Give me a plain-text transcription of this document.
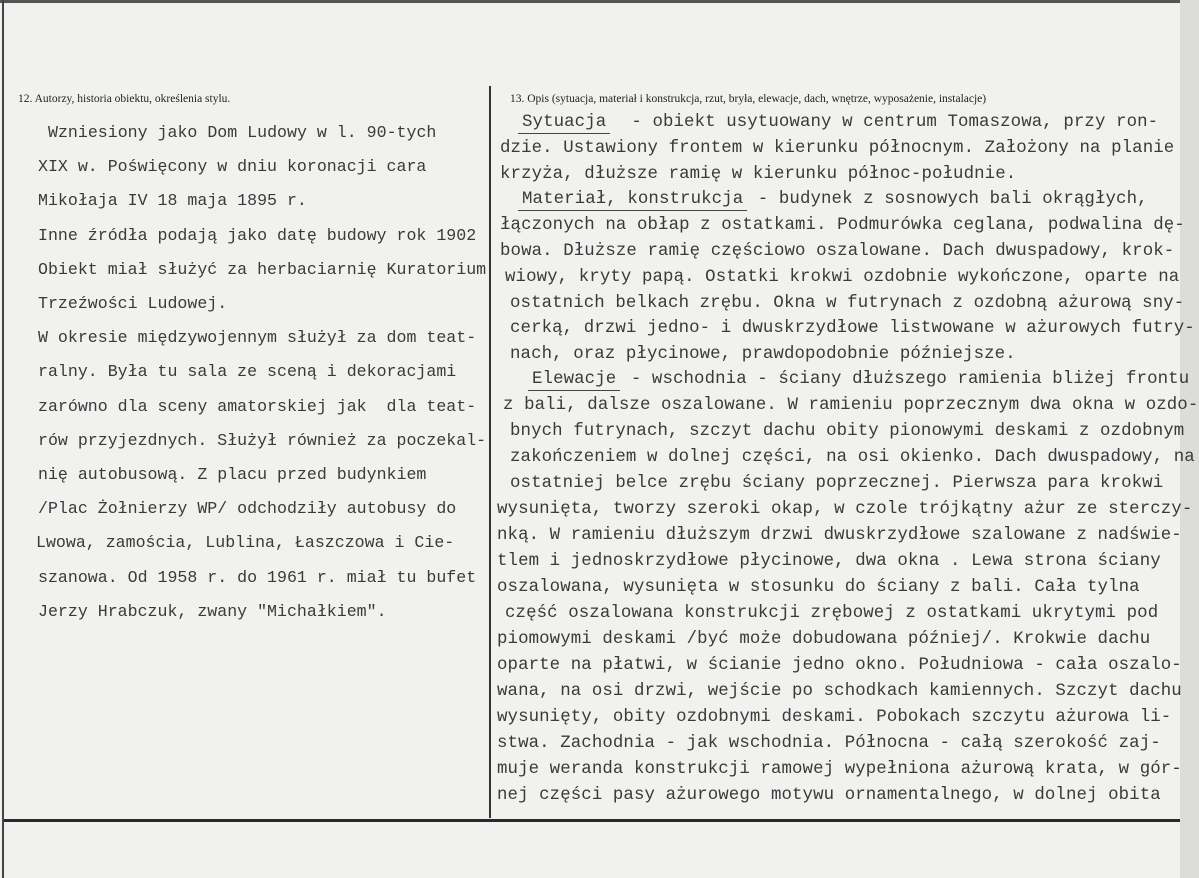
12. Autorzy, historia obiektu, określenia stylu.	13. Opis (sytuacja, materiał i konstrukcja, rzut, bryła, elewacje, dach, wnętrze, wyposażenie, instalacje)
Wzniesiony jako Dom Ludowy w l. 90-tych
XIX w. Poświęcony w dniu koronacji cara
Mikołaja IV 18 maja 1895 r.
Inne źródła podają jako datę budowy rok 1902
Obiekt miał służyć za herbaciarnię Kuratorium
Trzeźwości Ludowej.
W okresie międzywojennym służył za dom teat-
ralny. Była tu sala ze sceną i dekoracjami
zarówno dla sceny amatorskiej jak  dla teat-
rów przyjezdnych. Służył również za poczekal-
nię autobusową. Z placu przed budynkiem
/Plac Żołnierzy WP/ odchodziły autobusy do
Lwowa, zamościa, Lublina, Łaszczowa i Cie-
szanowa. Od 1958 r. do 1961 r. miał tu bufet
Jerzy Hrabczuk, zwany "Michałkiem".
Sytuacja  - obiekt usytuowany w centrum Tomaszowa, przy ron-
dzie. Ustawiony frontem w kierunku północnym. Założony na planie
krzyża, dłuższe ramię w kierunku północ-południe.
Materiał, konstrukcja - budynek z sosnowych bali okrągłych,
łączonych na obłap z ostatkami. Podmurówka ceglana, podwalina dę-
bowa. Dłuższe ramię częściowo oszalowane. Dach dwuspadowy, krok-
wiowy, kryty papą. Ostatki krokwi ozdobnie wykończone, oparte na
ostatnich belkach zrębu. Okna w futrynach z ozdobną ażurową sny-
cerką, drzwi jedno- i dwuskrzydłowe listwowane w ażurowych futry-
nach, oraz płycinowe, prawdopodobnie późniejsze.
Elewacje - wschodnia - ściany dłuższego ramienia bliżej frontu
z bali, dalsze oszalowane. W ramieniu poprzecznym dwa okna w ozdo-
bnych futrynach, szczyt dachu obity pionowymi deskami z ozdobnym
zakończeniem w dolnej części, na osi okienko. Dach dwuspadowy, na
ostatniej belce zrębu ściany poprzecznej. Pierwsza para krokwi
wysunięta, tworzy szeroki okap, w czole trójkątny ażur ze sterczy-
nką. W ramieniu dłuższym drzwi dwuskrzydłowe szalowane z nadświe-
tlem i jednoskrzydłowe płycinowe, dwa okna . Lewa strona ściany
oszalowana, wysunięta w stosunku do ściany z bali. Cała tylna
część oszalowana konstrukcji zrębowej z ostatkami ukrytymi pod
piomowymi deskami /być może dobudowana później/. Krokwie dachu
oparte na płatwi, w ścianie jedno okno. Południowa - cała oszalo-
wana, na osi drzwi, wejście po schodkach kamiennych. Szczyt dachu
wysunięty, obity ozdobnymi deskami. Pobokach szczytu ażurowa li-
stwa. Zachodnia - jak wschodnia. Północna - całą szerokość zaj-
muje weranda konstrukcji ramowej wypełniona ażurową krata, w gór-
nej części pasy ażurowego motywu ornamentalnego, w dolnej obita
